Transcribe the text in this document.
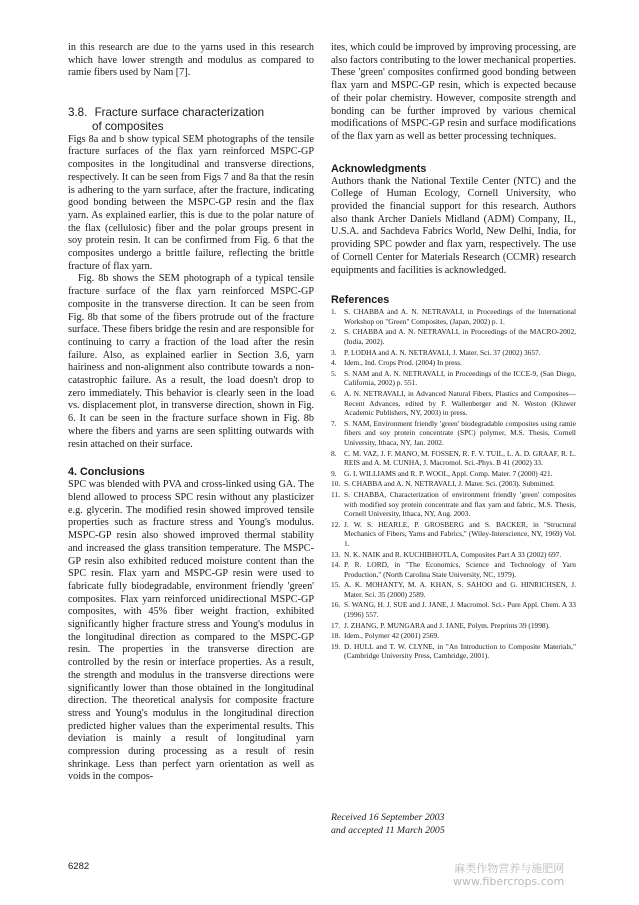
in this research are due to the yarns used in this research which have lower strength and modulus as compared to ramie fibers used by Nam [7].

3.8. Fracture surface characterization
of composites

Figs 8a and b show typical SEM photographs of the tensile fracture surfaces of the flax yarn reinforced MSPC-GP composites in the longitudinal and transverse directions, respectively. It can be seen from Figs 7 and 8a that the resin is adhering to the yarn surface, after the fracture, indicating good bonding between the MSPC-GP resin and the flax yarn. As explained earlier, this is due to the polar nature of the flax (cellulosic) fiber and the polar groups present in soy protein resin. It can be confirmed from Fig. 6 that the composites undergo a brittle failure, reflecting the brittle fracture of flax yarn.

Fig. 8b shows the SEM photograph of a typical tensile fracture surface of the flax yarn reinforced MSPC-GP composite in the transverse direction. It can be seen from Fig. 8b that some of the fibers protrude out of the fracture surface. These fibers bridge the resin and are responsible for continuing to carry a fraction of the load after the resin failure. Also, as explained earlier in Section 3.6, yarn hairiness and non-alignment also contribute towards a non-catastrophic failure. As a result, the load doesn't drop to zero immediately. This behavior is clearly seen in the load vs. displacement plot, in transverse direction, shown in Fig. 6. It can be seen in the fracture surface shown in Fig. 8b where the fibers and yarns are seen splitting outwards with resin attached on their surface.

4. Conclusions

SPC was blended with PVA and cross-linked using GA. The blend allowed to process SPC resin without any plasticizer e.g. glycerin. The modified resin showed improved tensile properties such as fracture stress and Young's modulus. MSPC-GP resin also showed improved thermal stability and increased the glass transition temperature. The MSPC-GP resin also exhibited reduced moisture content than the SPC resin. Flax yarn and MSPC-GP resin were used to fabricate fully biodegradable, environment friendly 'green' composites. Flax yarn reinforced unidirectional MSPC-GP composites, with 45% fiber weight fraction, exhibited significantly higher fracture stress and Young's modulus in the longitudinal direction as compared to the MSPC-GP resin. The properties in the transverse direction are controlled by the resin or interface properties. As a result, the strength and modulus in the transverse directions were significantly lower than those obtained in the longitudinal direction. The theoretical analysis for composite fracture stress and Young's modulus in the longitudinal direction predicted higher values than the experimental results. This deviation is mainly a result of longitudinal yarn compression during processing as a result of resin shrinkage. Less than perfect yarn orientation as well as voids in the compos-

ites, which could be improved by improving processing, are also factors contributing to the lower mechanical properties. These 'green' composites confirmed good bonding between flax yarn and MSPC-GP resin, which is expected because of their polar chemistry. However, composite strength and bonding can be further improved by various chemical modifications of MSPC-GP resin and surface modifications of the flax yarn as well as better processing techniques.

Acknowledgments

Authors thank the National Textile Center (NTC) and the College of Human Ecology, Cornell University, who provided the financial support for this research. Authors also thank Archer Daniels Midland (ADM) Company, IL, U.S.A. and Sachdeva Fabrics World, New Delhi, India, for providing SPC powder and flax yarn, respectively. The use of Cornell Center for Materials Research (CCMR) research equipments and facilities is acknowledged.

References
1.	S. CHABBA and A. N. NETRAVALI, in Proceedings of the International Workshop on "Green" Composites, (Japan, 2002) p. 1.
2.	S. CHABBA and A. N. NETRAVALI, in Proceedings of the MACRO-2002, (India, 2002).
3.	P. LODHA and A. N. NETRAVALI, J. Mater. Sci. 37 (2002) 3657.
4.	Idem., Ind. Crops Prod. (2004) In press.
5.	S. NAM and A. N. NETRAVALI, in Proceedings of the ICCE-9, (San Diego, California, 2002) p. 551.
6.	A. N. NETRAVALI, in Advanced Natural Fibers, Plastics and Composites—Recent Advances, edited by F. Wallenberger and N. Weston (Kluwer Academic Publishers, NY, 2003) in press.
7.	S. NAM, Environment friendly 'green' biodegradable composites using ramie fibers and soy protein concentrate (SPC) polymer, M.S. Thesis, Cornell University, Ithaca, NY, Jan. 2002.
8.	C. M. VAZ, J. F. MANO, M. FOSSEN, R. F. V. TUIL, L. A. D. GRAAF, R. L. REIS and A. M. CUNHA, J. Macromol. Sci.-Phys. B 41 (2002) 33.
9.	G. I. WILLIAMS and R. P. WOOL, Appl. Comp. Mater. 7 (2000) 421.
10. S. CHABBA and A. N. NETRAVALI, J. Mater. Sci. (2003). Submitted.
11. S. CHABBA, Characterization of environment friendly 'green' composites with modified soy protein concentrate and flax yarn and fabric, M.S. Thesis, Cornell University, Ithaca, NY, Aug. 2003.
12. J. W. S. HEARLE, P. GROSBERG and S. BACKER, in "Structural Mechanics of Fibers, Yarns and Fabrics," (Wiley-Interscience, NY, 1969) Vol. 1.
13. N. K. NAIK and R. KUCHIBHOTLA, Composites Part A 33 (2002) 697.
14. P. R. LORD, in "The Economics, Science and Technology of Yarn Production," (North Carolina State University, NC, 1979).
15. A. K. MOHANTY, M. A. KHAN, S. SAHOO and G. HINRICHSEN, J. Mater. Sci. 35 (2000) 2589.
16. S. WANG, H. J. SUE and J. JANE, J. Macromol. Sci.- Pure Appl. Chem. A 33 (1996) 557.
17. J. ZHANG, P. MUNGARA and J. JANE, Polym. Preprints 39 (1998).
18. Idem., Polymer 42 (2001) 2569.
19. D. HULL and T. W. CLYNE, in "An Introduction to Composite Materials," (Cambridge University Press, Cambridge, 2001).
Received 16 September 2003
and accepted 11 March 2005
6282	麻类作物营养与施肥网
www.fibercrops.com
